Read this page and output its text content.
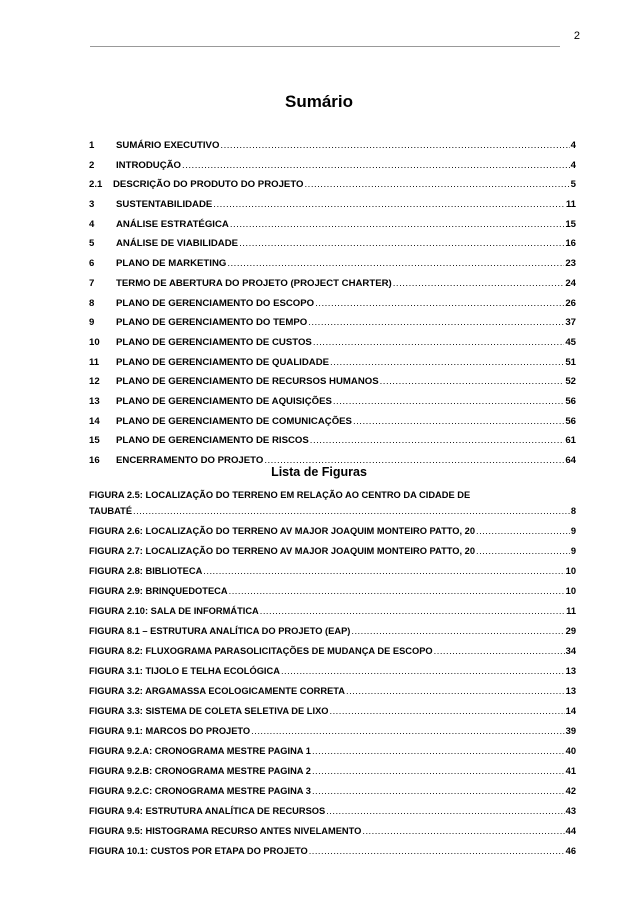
2
Sumário
1	SUMÁRIO EXECUTIVO .....	4
2	INTRODUÇÃO .....	4
2.1	DESCRIÇÃO DO PRODUTO DO PROJETO .....	5
3	SUSTENTABILIDADE .....	11
4	ANÁLISE ESTRATÉGICA .....	15
5	ANÁLISE DE VIABILIDADE .....	16
6	PLANO DE MARKETING .....	23
7	TERMO DE ABERTURA DO PROJETO (PROJECT CHARTER) .....	24
8	PLANO DE GERENCIAMENTO DO ESCOPO .....	26
9	PLANO DE GERENCIAMENTO DO TEMPO .....	37
10	PLANO DE GERENCIAMENTO DE CUSTOS .....	45
11	PLANO DE GERENCIAMENTO DE QUALIDADE .....	51
12	PLANO DE GERENCIAMENTO DE RECURSOS HUMANOS .....	52
13	PLANO DE GERENCIAMENTO DE AQUISIÇÕES .....	56
14	PLANO DE GERENCIAMENTO DE COMUNICAÇÕES .....	56
15	PLANO DE GERENCIAMENTO DE RISCOS .....	61
16	ENCERRAMENTO DO PROJETO .....	64
Lista de Figuras
FIGURA 2.5: LOCALIZAÇÃO DO TERRENO EM RELAÇÃO AO CENTRO DA CIDADE DE
TAUBATÉ .....	8
FIGURA 2.6: LOCALIZAÇÃO DO TERRENO AV MAJOR JOAQUIM MONTEIRO PATTO, 20 .....	9
FIGURA 2.7: LOCALIZAÇÃO DO TERRENO AV MAJOR JOAQUIM MONTEIRO PATTO, 20 .....	9
FIGURA 2.8: BIBLIOTECA .....	10
FIGURA 2.9: BRINQUEDOTECA .....	10
FIGURA 2.10: SALA DE INFORMÁTICA .....	11
FIGURA 8.1 – ESTRUTURA ANALÍTICA DO PROJETO (EAP) .....	29
FIGURA 8.2: FLUXOGRAMA PARASOLICITAÇÕES DE MUDANÇA DE ESCOPO .....	34
FIGURA 3.1: TIJOLO E TELHA ECOLÓGICA .....	13
FIGURA 3.2: ARGAMASSA ECOLOGICAMENTE CORRETA .....	13
FIGURA 3.3: SISTEMA DE COLETA SELETIVA DE LIXO .....	14
FIGURA 9.1: MARCOS DO PROJETO .....	39
FIGURA 9.2.A: CRONOGRAMA MESTRE PAGINA 1 .....	40
FIGURA 9.2.B: CRONOGRAMA MESTRE PAGINA 2 .....	41
FIGURA 9.2.C: CRONOGRAMA MESTRE PAGINA 3 .....	42
FIGURA 9.4: ESTRUTURA ANALÍTICA DE RECURSOS .....	43
FIGURA 9.5: HISTOGRAMA RECURSO ANTES NIVELAMENTO .....	44
FIGURA 10.1: CUSTOS POR ETAPA DO PROJETO .....	46
